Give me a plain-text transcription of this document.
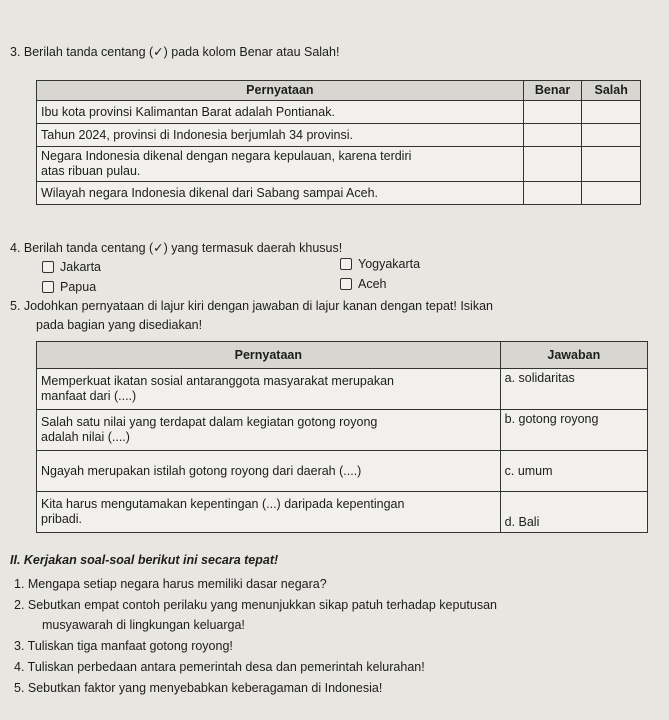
3. Berilah tanda centang (✓) pada kolom Benar atau Salah!
Pernyataan	Benar	Salah
Ibu kota provinsi Kalimantan Barat adalah Pontianak.		
Tahun 2024, provinsi di Indonesia berjumlah 34 provinsi.		
Negara Indonesia dikenal dengan negara kepulauan, karena terdiri
atas ribuan pulau.		
Wilayah negara Indonesia dikenal dari Sabang sampai Aceh.		
4. Berilah tanda centang (✓) yang termasuk daerah khusus!
Jakarta	Yogyakarta
Papua	Aceh
5. Jodohkan pernyataan di lajur kiri dengan jawaban di lajur kanan dengan tepat! Isikan
pada bagian yang disediakan!
Pernyataan	Jawaban
Memperkuat ikatan sosial antaranggota masyarakat merupakan
manfaat dari (....)	a. solidaritas
Salah satu nilai yang terdapat dalam kegiatan gotong royong
adalah nilai (....)	b. gotong royong
Ngayah merupakan istilah gotong royong dari daerah (....)	c. umum
Kita harus mengutamakan kepentingan (...) daripada kepentingan
pribadi.	d. Bali
II. Kerjakan soal-soal berikut ini secara tepat!
1. Mengapa setiap negara harus memiliki dasar negara?
2. Sebutkan empat contoh perilaku yang menunjukkan sikap patuh terhadap keputusan
musyawarah di lingkungan keluarga!
3. Tuliskan tiga manfaat gotong royong!
4. Tuliskan perbedaan antara pemerintah desa dan pemerintah kelurahan!
5. Sebutkan faktor yang menyebabkan keberagaman di Indonesia!
